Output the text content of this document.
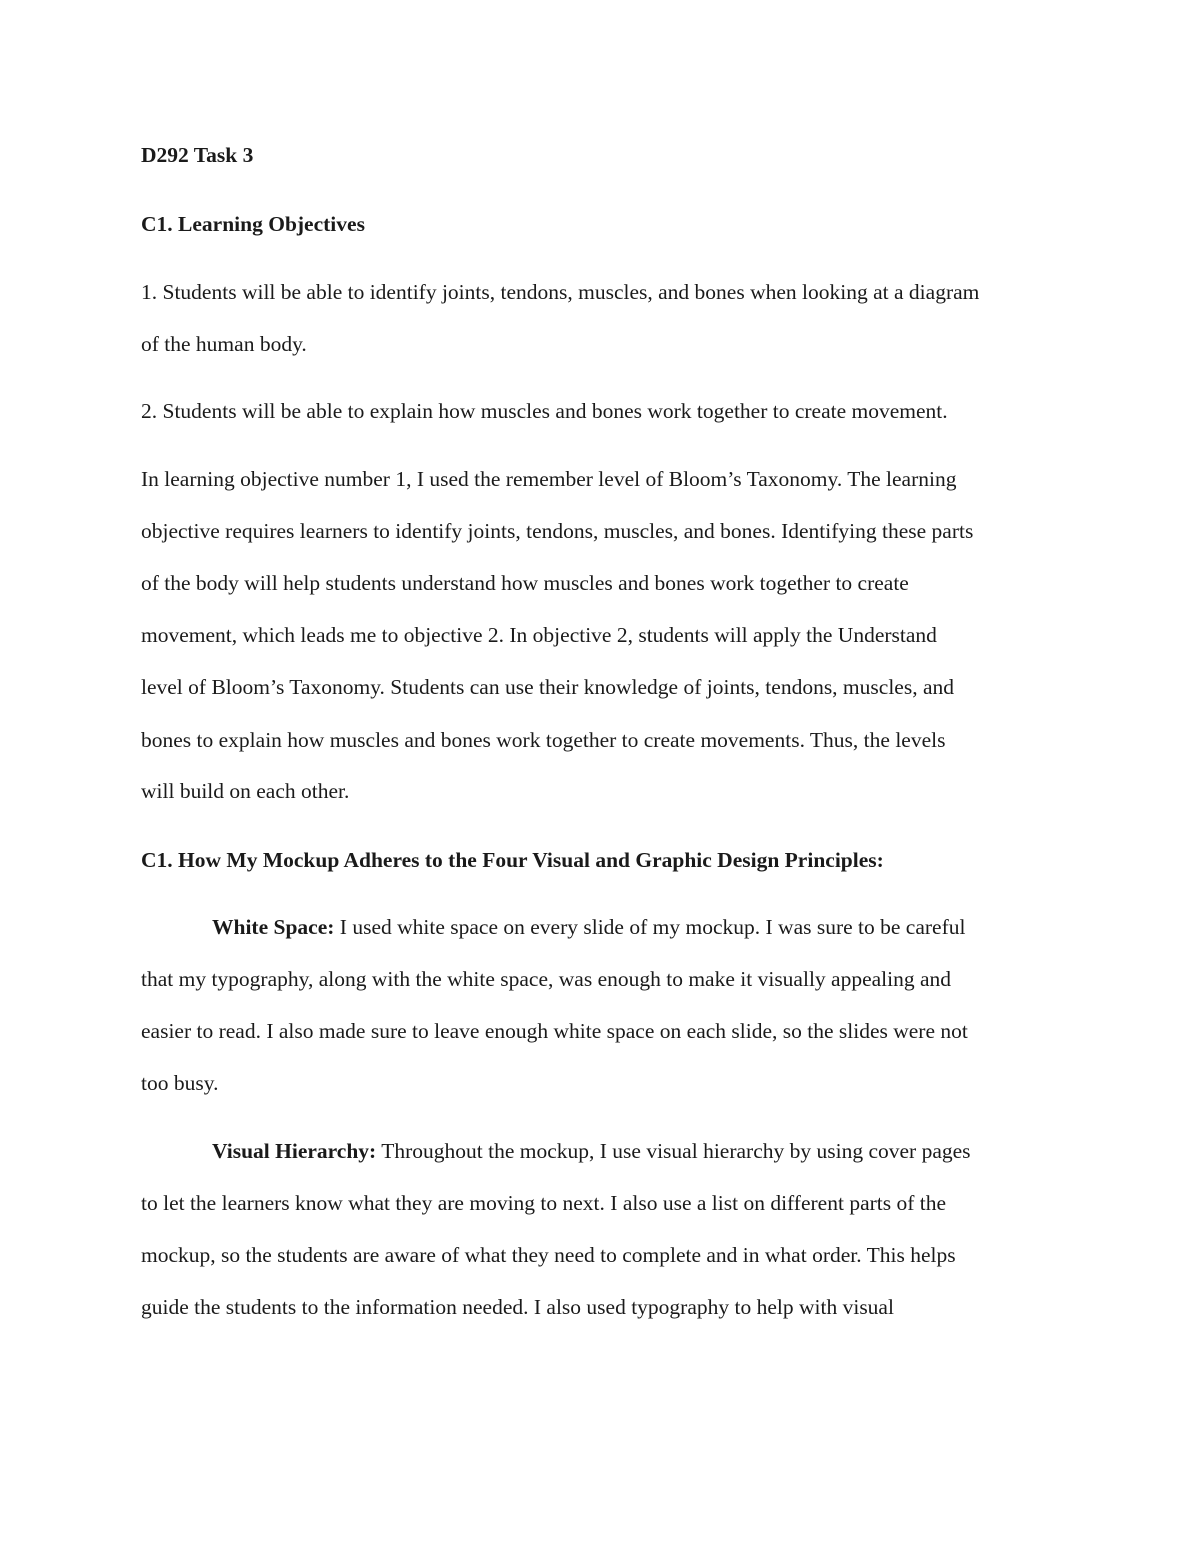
D292 Task 3
C1. Learning Objectives
1. Students will be able to identify joints, tendons, muscles, and bones when looking at a diagram
of the human body.
2. Students will be able to explain how muscles and bones work together to create movement.
In learning objective number 1, I used the remember level of Bloom’s Taxonomy. The learning
objective requires learners to identify joints, tendons, muscles, and bones. Identifying these parts
of the body will help students understand how muscles and bones work together to create
movement, which leads me to objective 2. In objective 2, students will apply the Understand
level of Bloom’s Taxonomy. Students can use their knowledge of joints, tendons, muscles, and
bones to explain how muscles and bones work together to create movements. Thus, the levels
will build on each other.
C1. How My Mockup Adheres to the Four Visual and Graphic Design Principles:
White Space: I used white space on every slide of my mockup. I was sure to be careful
that my typography, along with the white space, was enough to make it visually appealing and
easier to read. I also made sure to leave enough white space on each slide, so the slides were not
too busy.
Visual Hierarchy: Throughout the mockup, I use visual hierarchy by using cover pages
to let the learners know what they are moving to next. I also use a list on different parts of the
mockup, so the students are aware of what they need to complete and in what order. This helps
guide the students to the information needed. I also used typography to help with visual
